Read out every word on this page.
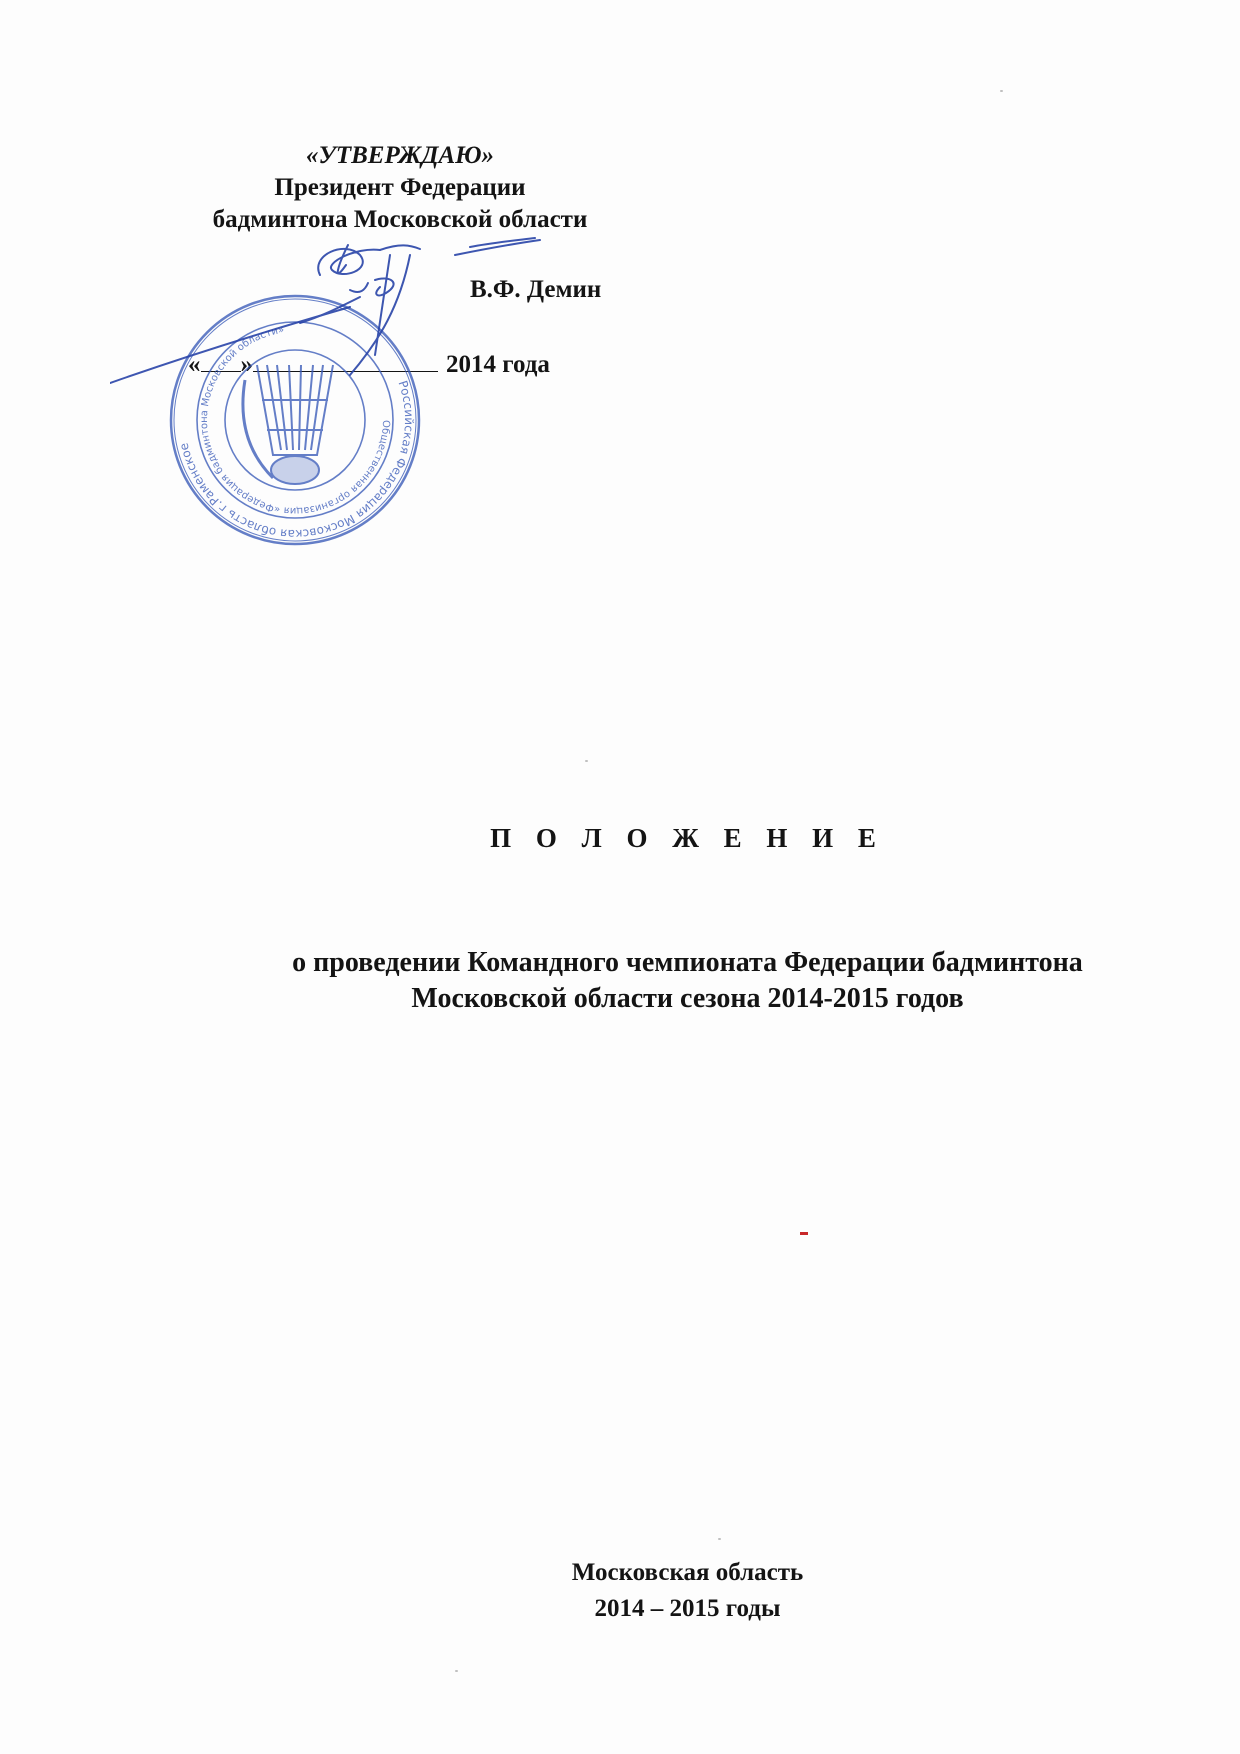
«УТВЕРЖДАЮ»
Президент Федерации
бадминтона Московской области
В.Ф. Демин
« »	2014 года
Российская Федерация Московская область г.Раменское
Общественная организация «Федерация бадминтона Московской области»
П О Л О Ж Е Н И Е
о проведении Командного чемпионата Федерации бадминтона
Московской области сезона 2014-2015 годов
Московская область
2014 – 2015 годы
